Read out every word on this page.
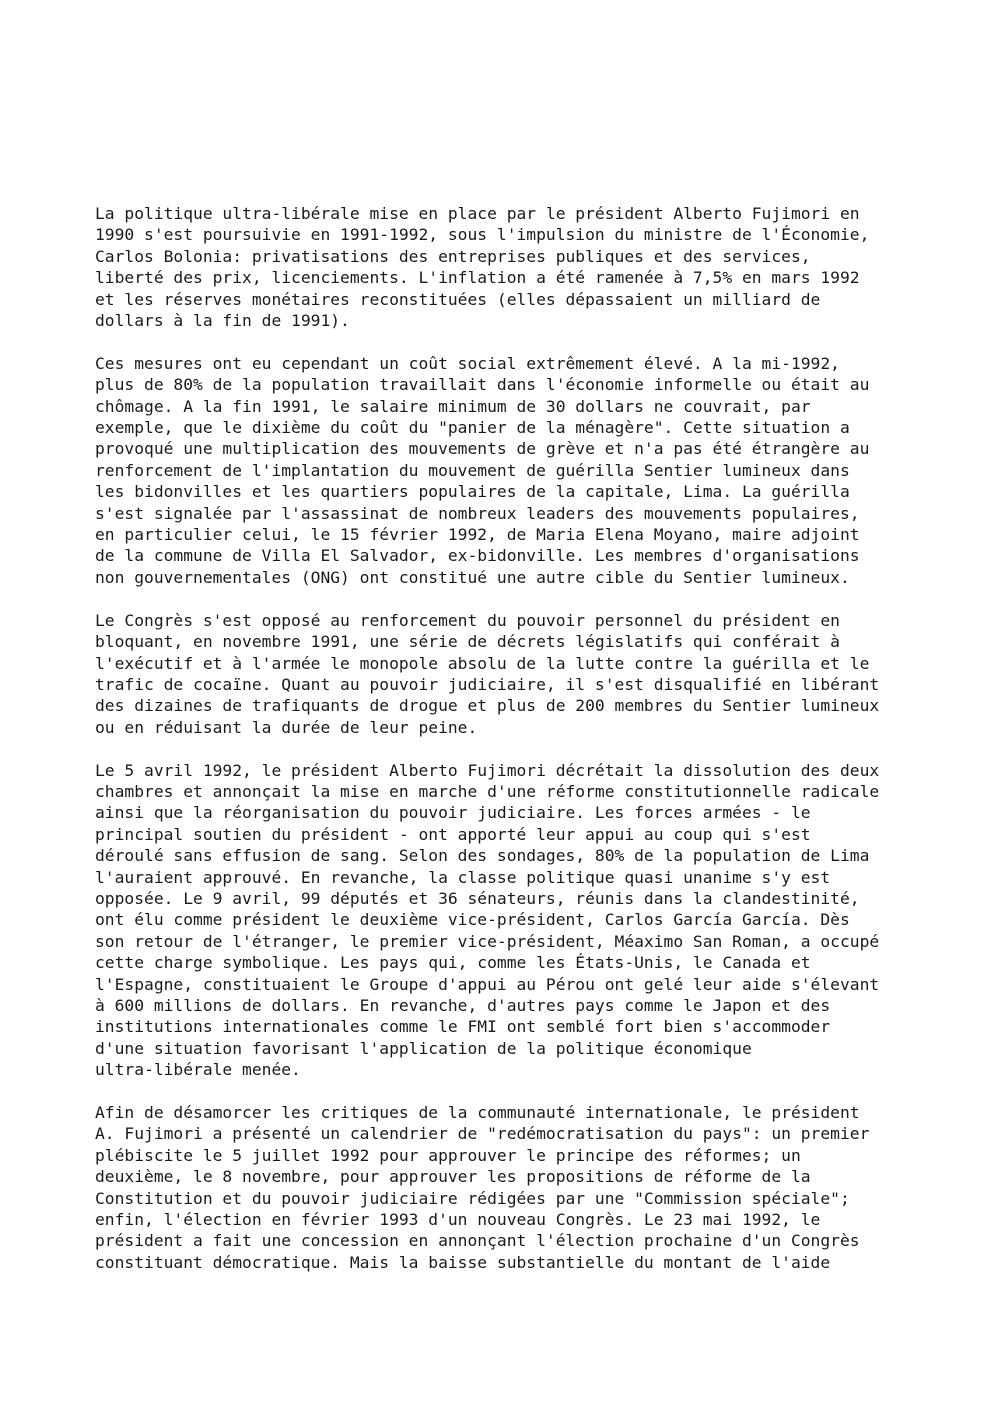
La politique ultra-libérale mise en place par le président Alberto Fujimori en
1990 s'est poursuivie en 1991-1992, sous l'impulsion du ministre de l'Économie,
Carlos Bolonia: privatisations des entreprises publiques et des services,
liberté des prix, licenciements. L'inflation a été ramenée à 7,5% en mars 1992
et les réserves monétaires reconstituées (elles dépassaient un milliard de
dollars à la fin de 1991).

Ces mesures ont eu cependant un coût social extrêmement élevé. A la mi-1992,
plus de 80% de la population travaillait dans l'économie informelle ou était au
chômage. A la fin 1991, le salaire minimum de 30 dollars ne couvrait, par
exemple, que le dixième du coût du "panier de la ménagère". Cette situation a
provoqué une multiplication des mouvements de grève et n'a pas été étrangère au
renforcement de l'implantation du mouvement de guérilla Sentier lumineux dans
les bidonvilles et les quartiers populaires de la capitale, Lima. La guérilla
s'est signalée par l'assassinat de nombreux leaders des mouvements populaires,
en particulier celui, le 15 février 1992, de Maria Elena Moyano, maire adjoint
de la commune de Villa El Salvador, ex-bidonville. Les membres d'organisations
non gouvernementales (ONG) ont constitué une autre cible du Sentier lumineux.

Le Congrès s'est opposé au renforcement du pouvoir personnel du président en
bloquant, en novembre 1991, une série de décrets législatifs qui conférait à
l'exécutif et à l'armée le monopole absolu de la lutte contre la guérilla et le
trafic de cocaïne. Quant au pouvoir judiciaire, il s'est disqualifié en libérant
des dizaines de trafiquants de drogue et plus de 200 membres du Sentier lumineux
ou en réduisant la durée de leur peine.

Le 5 avril 1992, le président Alberto Fujimori décrétait la dissolution des deux
chambres et annonçait la mise en marche d'une réforme constitutionnelle radicale
ainsi que la réorganisation du pouvoir judiciaire. Les forces armées - le
principal soutien du président - ont apporté leur appui au coup qui s'est
déroulé sans effusion de sang. Selon des sondages, 80% de la population de Lima
l'auraient approuvé. En revanche, la classe politique quasi unanime s'y est
opposée. Le 9 avril, 99 députés et 36 sénateurs, réunis dans la clandestinité,
ont élu comme président le deuxième vice-président, Carlos García García. Dès
son retour de l'étranger, le premier vice-président, Méaximo San Roman, a occupé
cette charge symbolique. Les pays qui, comme les États-Unis, le Canada et
l'Espagne, constituaient le Groupe d'appui au Pérou ont gelé leur aide s'élevant
à 600 millions de dollars. En revanche, d'autres pays comme le Japon et des
institutions internationales comme le FMI ont semblé fort bien s'accommoder
d'une situation favorisant l'application de la politique économique
ultra-libérale menée.

Afin de désamorcer les critiques de la communauté internationale, le président
A. Fujimori a présenté un calendrier de "redémocratisation du pays": un premier
plébiscite le 5 juillet 1992 pour approuver le principe des réformes; un
deuxième, le 8 novembre, pour approuver les propositions de réforme de la
Constitution et du pouvoir judiciaire rédigées par une "Commission spéciale";
enfin, l'élection en février 1993 d'un nouveau Congrès. Le 23 mai 1992, le
président a fait une concession en annonçant l'élection prochaine d'un Congrès
constituant démocratique. Mais la baisse substantielle du montant de l'aide
